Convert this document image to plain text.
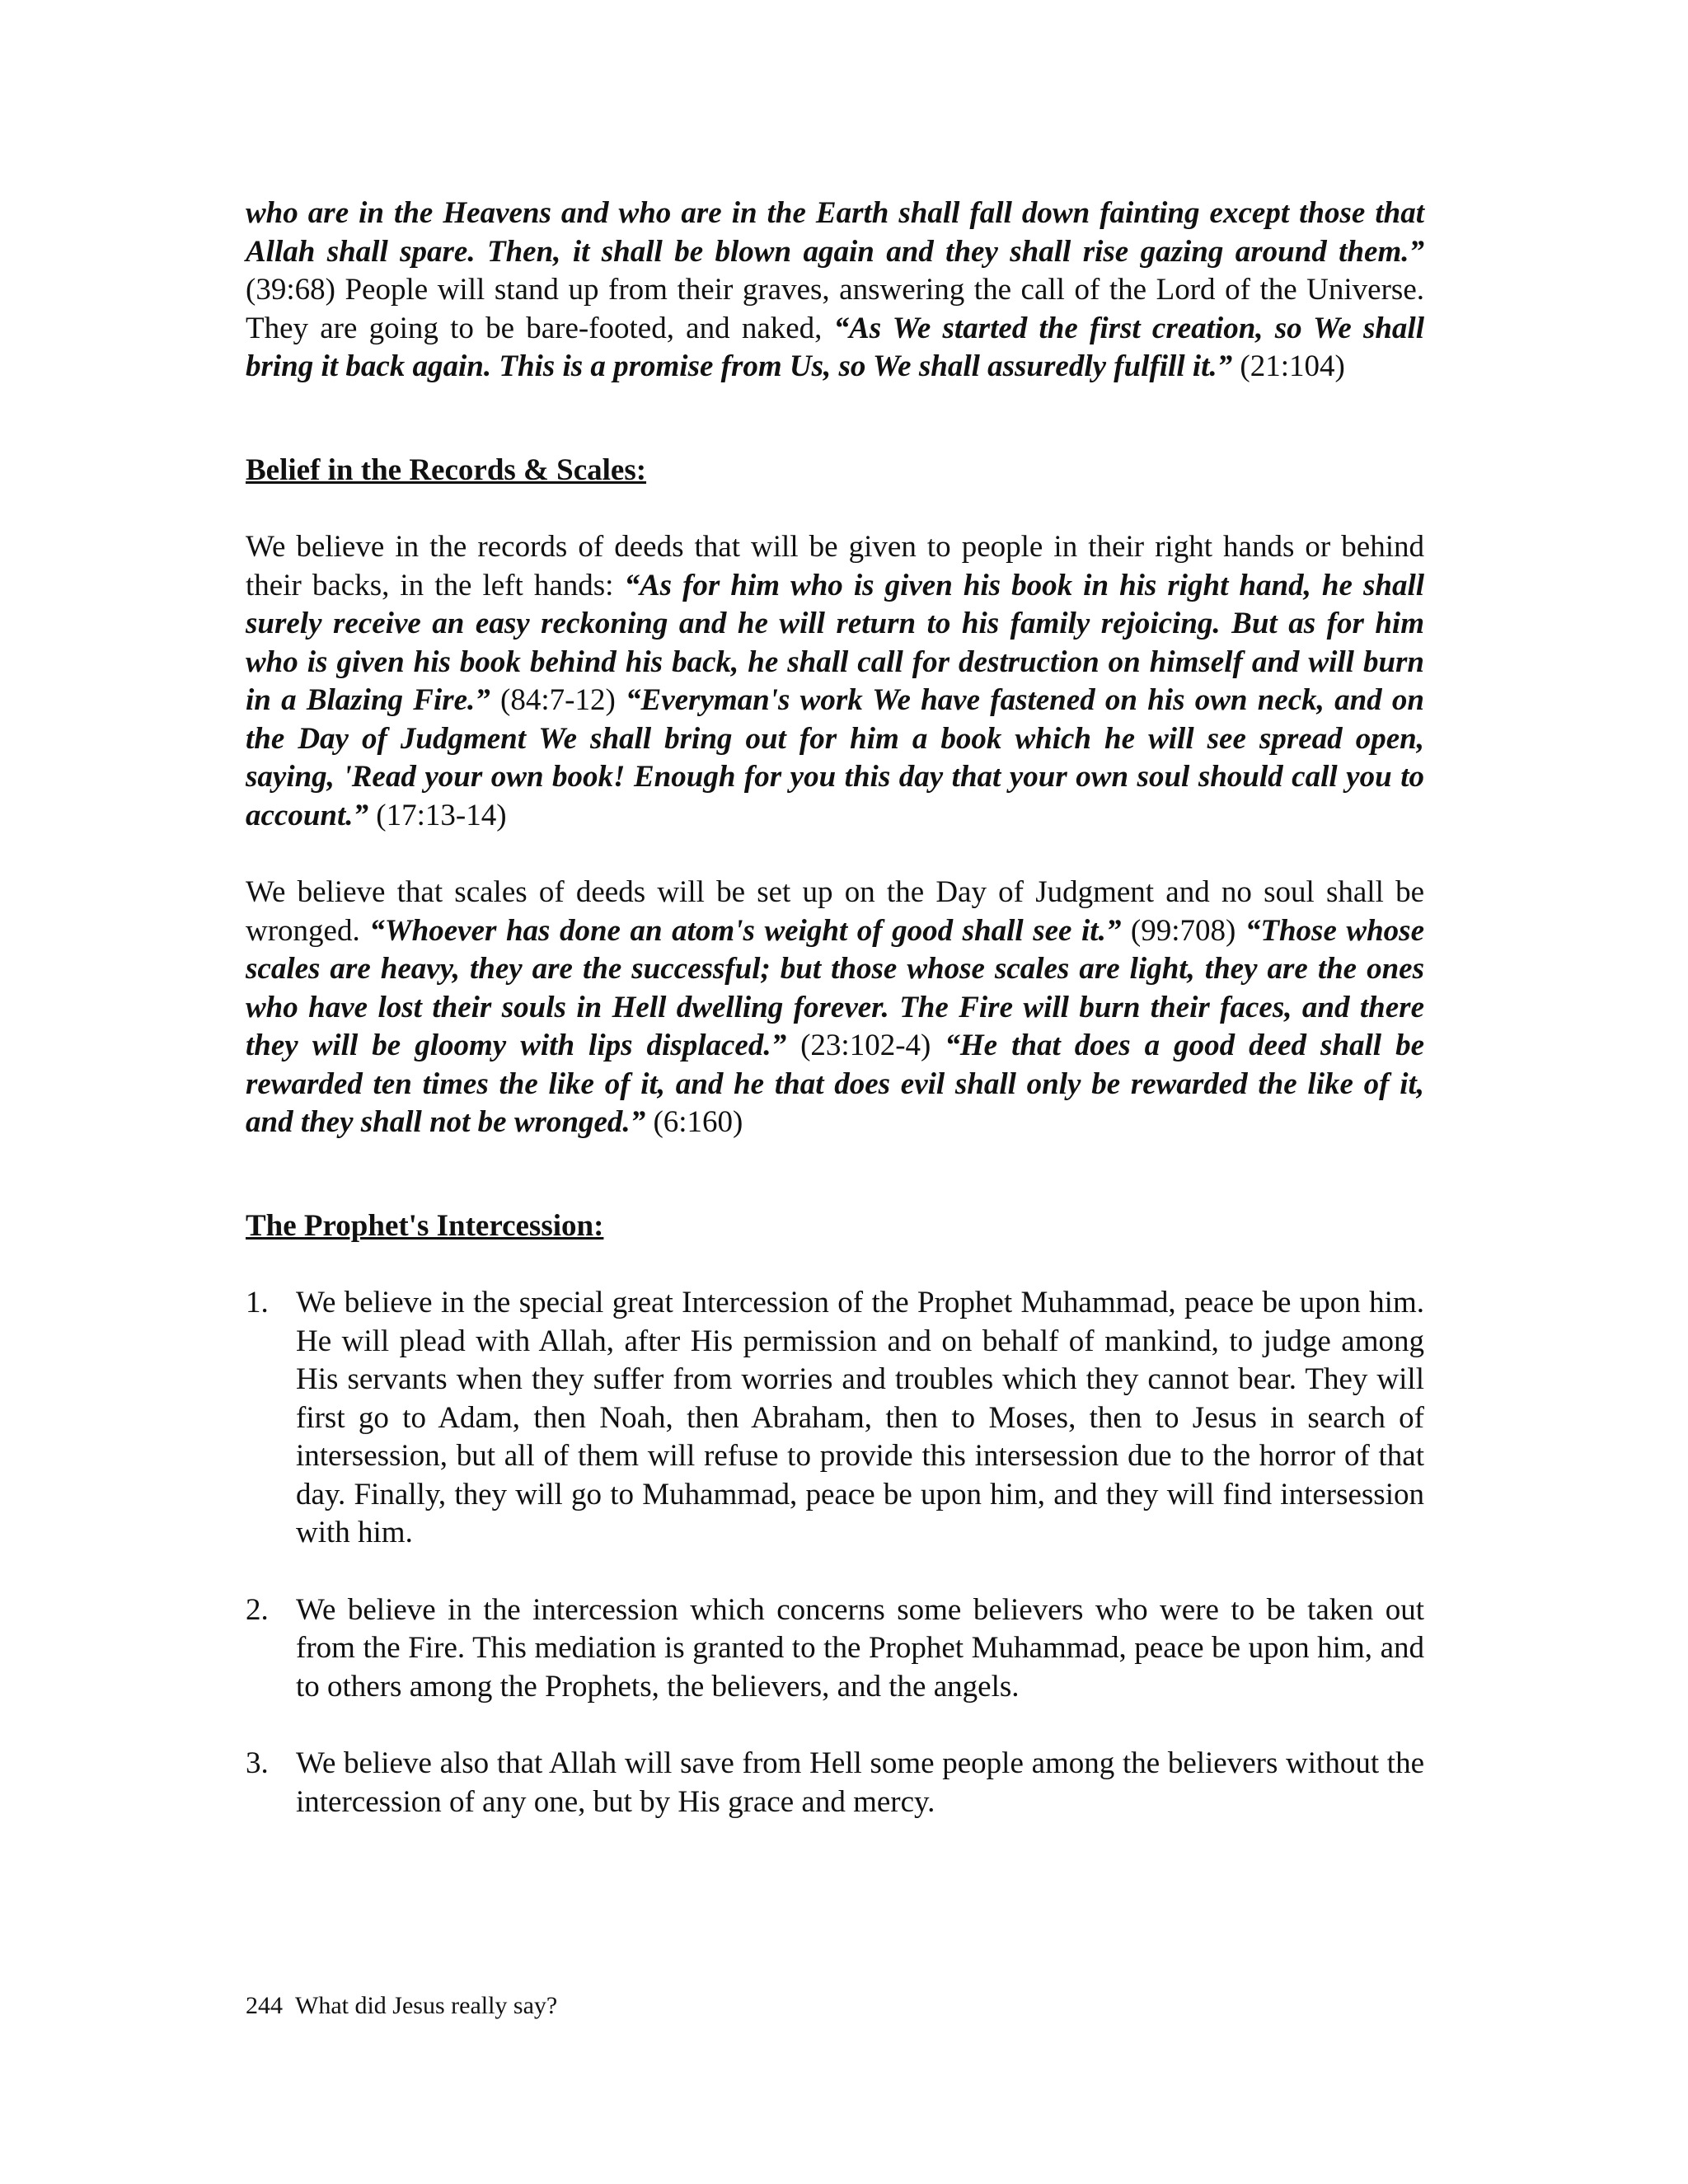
who are in the Heavens and who are in the Earth shall fall down fainting except those that Allah shall spare. Then, it shall be blown again and they shall rise gazing around them.” (39:68) People will stand up from their graves, answering the call of the Lord of the Universe. They are going to be bare-footed, and naked, “As We started the first creation, so We shall bring it back again. This is a promise from Us, so We shall assuredly fulfill it.” (21:104)

Belief in the Records & Scales:

We believe in the records of deeds that will be given to people in their right hands or behind their backs, in the left hands: “As for him who is given his book in his right hand, he shall surely receive an easy reckoning and he will return to his family rejoicing. But as for him who is given his book behind his back, he shall call for destruction on himself and will burn in a Blazing Fire.” (84:7-12) “Everyman's work We have fastened on his own neck, and on the Day of Judgment We shall bring out for him a book which he will see spread open, saying, 'Read your own book! Enough for you this day that your own soul should call you to account.” (17:13-14)

We believe that scales of deeds will be set up on the Day of Judgment and no soul shall be wronged. “Whoever has done an atom's weight of good shall see it.” (99:708) “Those whose scales are heavy, they are the successful; but those whose scales are light, they are the ones who have lost their souls in Hell dwelling forever. The Fire will burn their faces, and there they will be gloomy with lips displaced.” (23:102-4) “He that does a good deed shall be rewarded ten times the like of it, and he that does evil shall only be rewarded the like of it, and they shall not be wronged.” (6:160)

The Prophet's Intercession:
1. We believe in the special great Intercession of the Prophet Muhammad, peace be upon him. He will plead with Allah, after His permission and on behalf of mankind, to judge among His servants when they suffer from worries and troubles which they cannot bear. They will first go to Adam, then Noah, then Abraham, then to Moses, then to Jesus in search of intersession, but all of them will refuse to provide this intersession due to the horror of that day. Finally, they will go to Muhammad, peace be upon him, and they will find intersession with him.
2. We believe in the intercession which concerns some believers who were to be taken out from the Fire. This mediation is granted to the Prophet Muhammad, peace be upon him, and to others among the Prophets, the believers, and the angels.
3. We believe also that Allah will save from Hell some people among the believers without the intercession of any one, but by His grace and mercy.
244 What did Jesus really say?
